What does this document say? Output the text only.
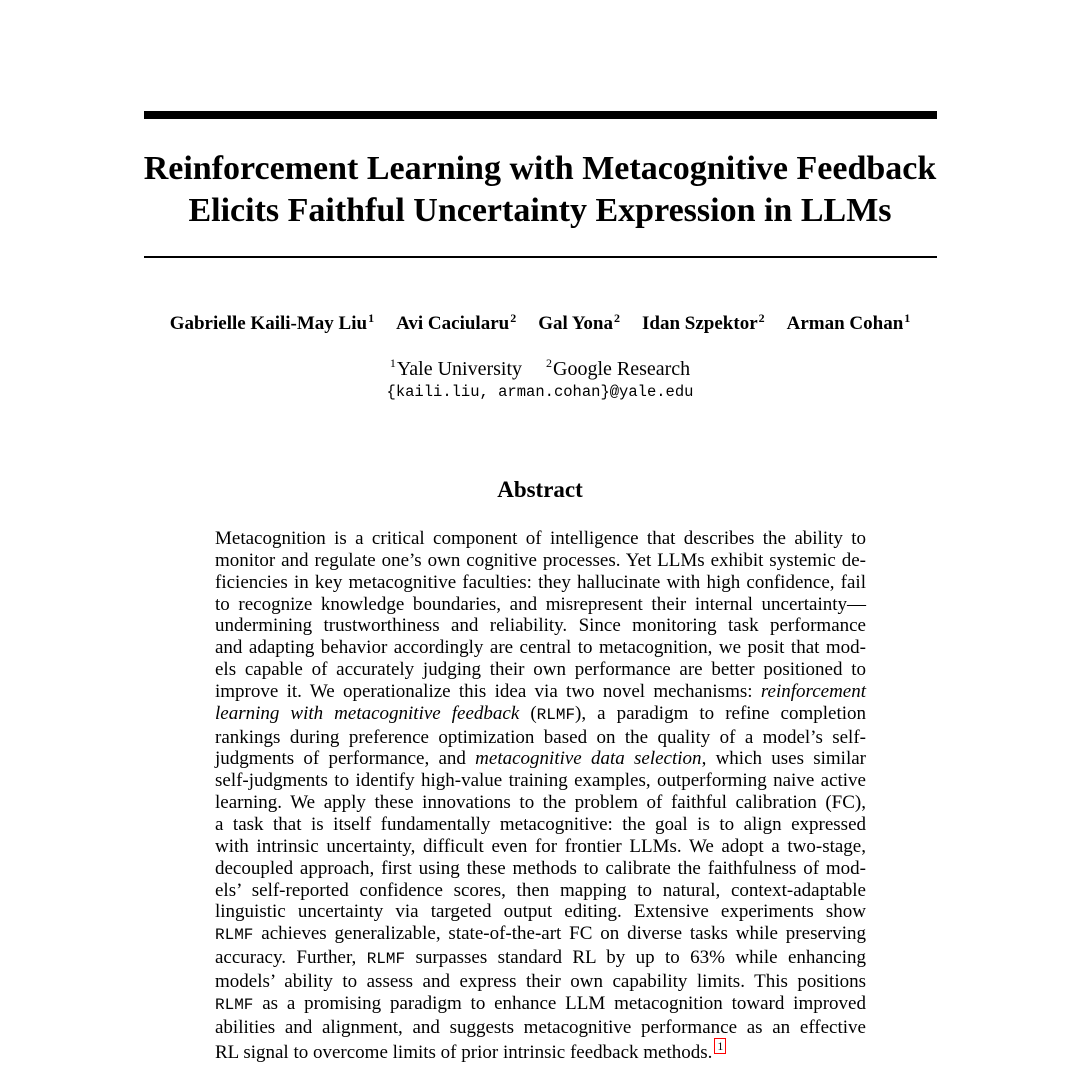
Reinforcement Learning with Metacognitive Feedback
Elicits Faithful Uncertainty Expression in LLMs
Gabrielle Kaili-May Liu$^1$ Avi Caciularu$^2$ Gal Yona$^2$ Idan Szpektor$^2$ Arman Cohan$^1$
$^1$Yale University $^2$Google Research
{kaili.liu, arman.cohan}@yale.edu
Abstract
Metacognition is a critical component of intelligence that describes the ability to
monitor and regulate one’s own cognitive processes. Yet LLMs exhibit systemic de-
ficiencies in key metacognitive faculties: they hallucinate with high confidence, fail
to recognize knowledge boundaries, and misrepresent their internal uncertainty—
undermining trustworthiness and reliability. Since monitoring task performance
and adapting behavior accordingly are central to metacognition, we posit that mod-
els capable of accurately judging their own performance are better positioned to
improve it. We operationalize this idea via two novel mechanisms: reinforcement
learning with metacognitive feedback (RLMF), a paradigm to refine completion
rankings during preference optimization based on the quality of a model’s self-
judgments of performance, and metacognitive data selection, which uses similar
self-judgments to identify high-value training examples, outperforming naive active
learning. We apply these innovations to the problem of faithful calibration (FC),
a task that is itself fundamentally metacognitive: the goal is to align expressed
with intrinsic uncertainty, difficult even for frontier LLMs. We adopt a two-stage,
decoupled approach, first using these methods to calibrate the faithfulness of mod-
els’ self-reported confidence scores, then mapping to natural, context-adaptable
linguistic uncertainty via targeted output editing. Extensive experiments show
RLMF achieves generalizable, state-of-the-art FC on diverse tasks while preserving
accuracy. Further, RLMF surpasses standard RL by up to 63% while enhancing
models’ ability to assess and express their own capability limits. This positions
RLMF as a promising paradigm to enhance LLM metacognition toward improved
abilities and alignment, and suggests metacognitive performance as an effective
RL signal to overcome limits of prior intrinsic feedback methods. 1
